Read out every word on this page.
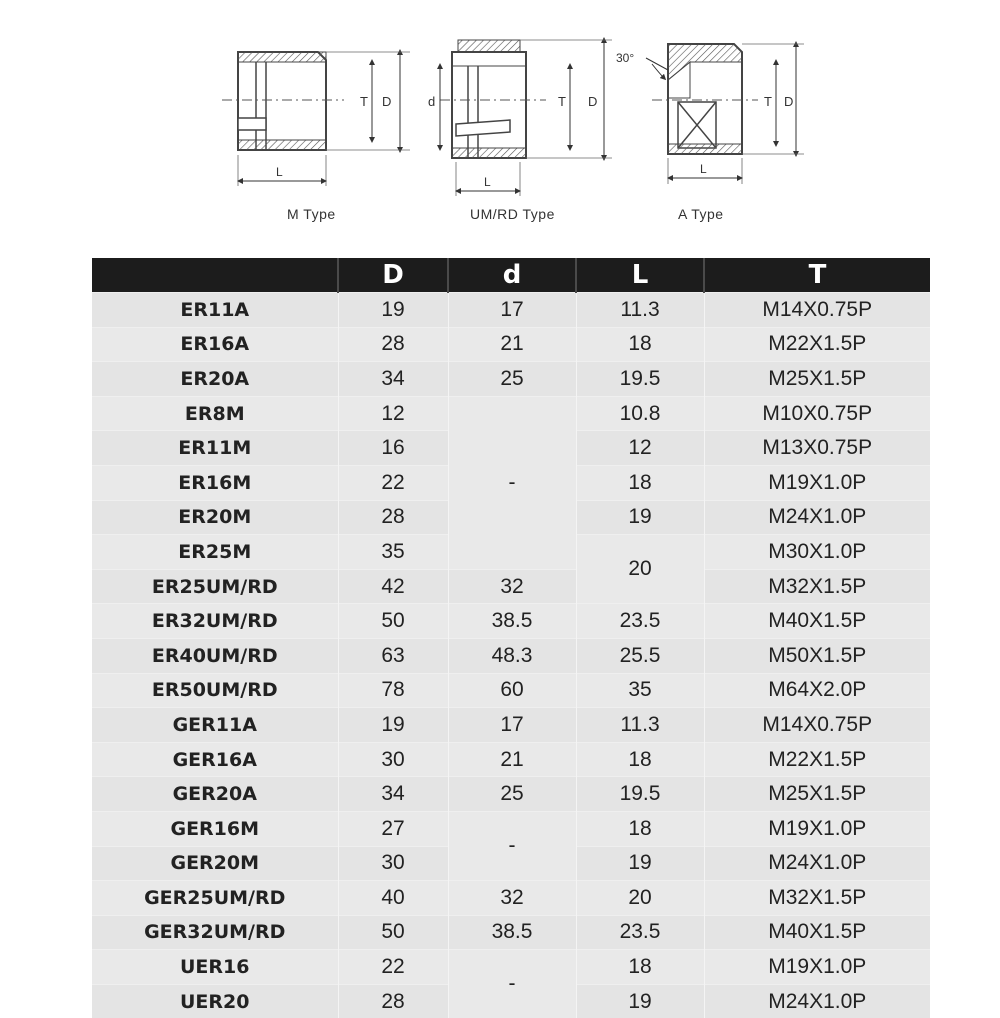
T D
L
d	T D
L
30°
T D
L
M Type	UM/RD Type	A Type
	D	d	L	T
ER11A	19	17	11.3	M14X0.75P
ER16A	28	21	18	M22X1.5P
ER20A	34	25	19.5	M25X1.5P
ER8M	12	-	10.8	M10X0.75P
ER11M	16		12	M13X0.75P
ER16M	22		18	M19X1.0P
ER20M	28		19	M24X1.0P
ER25M	35		20	M30X1.0P
ER25UM/RD	42	32		M32X1.5P
ER32UM/RD	50	38.5	23.5	M40X1.5P
ER40UM/RD	63	48.3	25.5	M50X1.5P
ER50UM/RD	78	60	35	M64X2.0P
GER11A	19	17	11.3	M14X0.75P
GER16A	30	21	18	M22X1.5P
GER20A	34	25	19.5	M25X1.5P
GER16M	27	-	18	M19X1.0P
GER20M	30		19	M24X1.0P
GER25UM/RD	40	32	20	M32X1.5P
GER32UM/RD	50	38.5	23.5	M40X1.5P
UER16	22	-	18	M19X1.0P
UER20	28		19	M24X1.0P
